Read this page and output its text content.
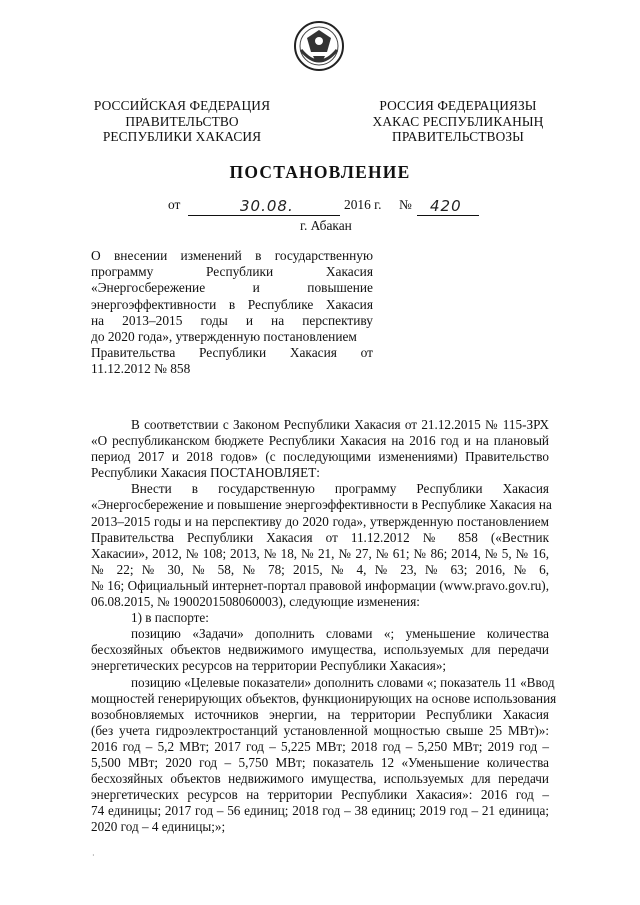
РОССИЙСКАЯ ФЕДЕРАЦИЯ
ПРАВИТЕЛЬСТВО
РЕСПУБЛИКИ ХАКАСИЯ
РОССИЯ ФЕДЕРАЦИЯЗЫ
ХАКАС РЕСПУБЛИКАНЫҢ
ПРАВИТЕЛЬСТВОЗЫ
ПОСТАНОВЛЕНИЕ
от	30.08.	2016 г. № 420
г. Абакан
О внесении изменений в государственную
программу Республики Хакасия
«Энергосбережение и повышение
энергоэффективности в Республике Хакасия
на 2013–2015 годы и на перспективу
до 2020 года», утвержденную постановлением
Правительства Республики Хакасия от
11.12.2012 № 858
В соответствии с Законом Республики Хакасия от 21.12.2015 № 115-ЗРХ
«О республиканском бюджете Республики Хакасия на 2016 год и на плановый
период 2017 и 2018 годов» (с последующими изменениями) Правительство
Республики Хакасия ПОСТАНОВЛЯЕТ:
Внести в государственную программу Республики Хакасия
«Энергосбережение и повышение энергоэффективности в Республике Хакасия на
2013–2015 годы и на перспективу до 2020 года», утвержденную постановлением
Правительства Республики Хакасия от 11.12.2012 № 858 («Вестник
Хакасии», 2012, № 108; 2013, № 18, № 21, № 27, № 61; № 86; 2014, № 5, № 16,
№ 22; № 30, № 58, № 78; 2015, № 4, № 23, № 63; 2016, № 6,
№ 16; Официальный интернет-портал правовой информации (www.pravo.gov.ru),
06.08.2015, № 1900201508060003), следующие изменения:
1) в паспорте:
позицию «Задачи» дополнить словами «; уменьшение количества
бесхозяйных объектов недвижимого имущества, используемых для передачи
энергетических ресурсов на территории Республики Хакасия»;
позицию «Целевые показатели» дополнить словами «; показатель 11 «Ввод
мощностей генерирующих объектов, функционирующих на основе использования
возобновляемых источников энергии, на территории Республики Хакасия
(без учета гидроэлектростанций установленной мощностью свыше 25 МВт)»:
2016 год – 5,2 МВт; 2017 год – 5,225 МВт; 2018 год – 5,250 МВт; 2019 год –
5,500 МВт; 2020 год – 5,750 МВт; показатель 12 «Уменьшение количества
бесхозяйных объектов недвижимого имущества, используемых для передачи
энергетических ресурсов на территории Республики Хакасия»: 2016 год –
74 единицы; 2017 год – 56 единиц; 2018 год – 38 единиц; 2019 год – 21 единица;
2020 год – 4 единицы;»;
·
